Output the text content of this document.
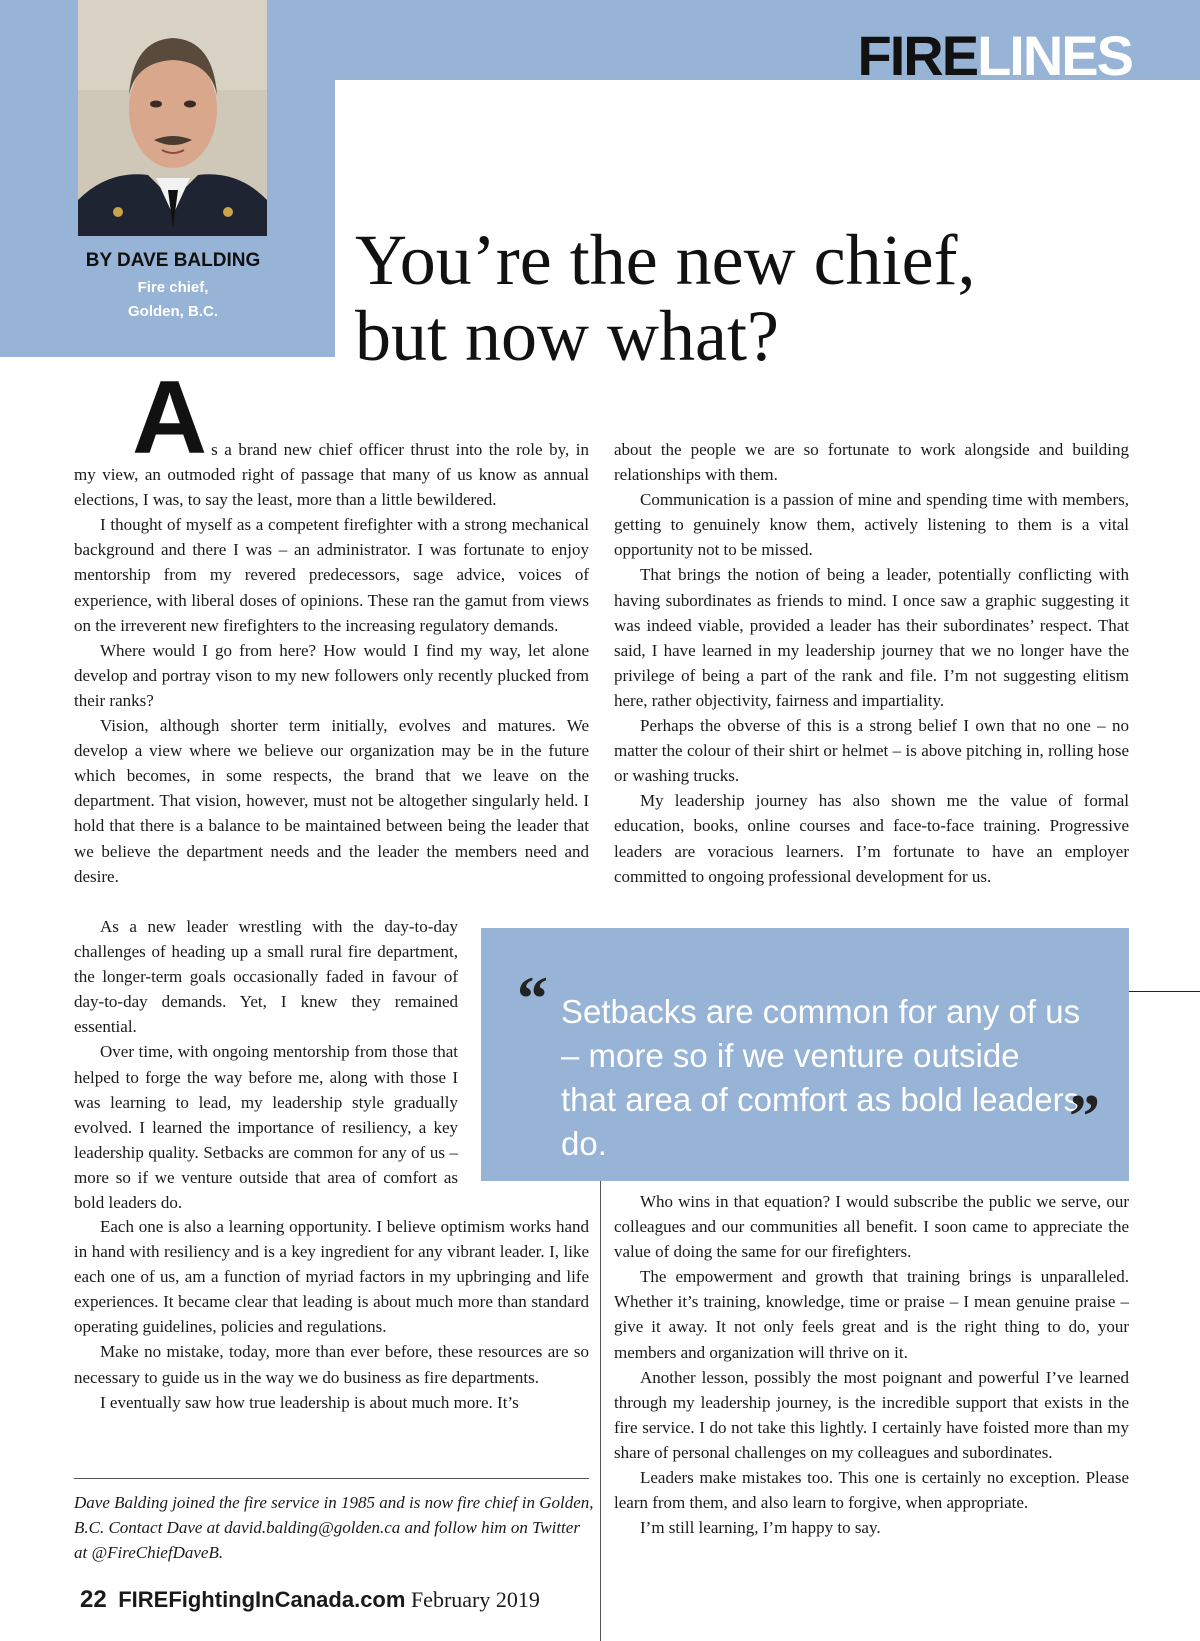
FIRELINES
BY DAVE BALDING
Fire chief,
Golden, B.C.
You’re the new chief,
but now what?
A s a brand new chief officer thrust into the role by, in my view, an outmoded right of passage that many of us know as annual elections, I was, to say the least, more than a little bewildered.

I thought of myself as a competent firefighter with a strong mechanical background and there I was – an administrator. I was fortunate to enjoy mentorship from my revered predecessors, sage advice, voices of experience, with liberal doses of opinions. These ran the gamut from views on the irreverent new firefighters to the increasing regulatory demands.

Where would I go from here? How would I find my way, let alone develop and portray vison to my new followers only recently plucked from their ranks?

Vision, although shorter term initially, evolves and matures. We develop a view where we believe our organization may be in the future which becomes, in some respects, the brand that we leave on the department. That vision, however, must not be altogether singularly held. I hold that there is a balance to be maintained between being the leader that we believe the department needs and the leader the members need and desire.

As a new leader wrestling with the day-to-day challenges of heading up a small rural fire department, the longer-term goals occasionally faded in favour of day-to-day demands. Yet, I knew they remained essential.

Over time, with ongoing mentorship from those that helped to forge the way before me, along with those I was learning to lead, my leadership style gradually evolved. I learned the importance of resiliency, a key leadership quality. Setbacks are common for any of us – more so if we venture outside that area of comfort as bold leaders do.

Each one is also a learning opportunity. I believe optimism works hand in hand with resiliency and is a key ingredient for any vibrant leader. I, like each one of us, am a function of myriad factors in my upbringing and life experiences. It became clear that leading is about much more than standard operating guidelines, policies and regulations.

Make no mistake, today, more than ever before, these resources are so necessary to guide us in the way we do business as fire departments.

I eventually saw how true leadership is about much more. It’s

about the people we are so fortunate to work alongside and building relationships with them.

Communication is a passion of mine and spending time with members, getting to genuinely know them, actively listening to them is a vital opportunity not to be missed.

That brings the notion of being a leader, potentially conflicting with having subordinates as friends to mind. I once saw a graphic suggesting it was indeed viable, provided a leader has their subordinates’ respect. That said, I have learned in my leadership journey that we no longer have the privilege of being a part of the rank and file. I’m not suggesting elitism here, rather objectivity, fairness and impartiality.

Perhaps the obverse of this is a strong belief I own that no one – no matter the colour of their shirt or helmet – is above pitching in, rolling hose or washing trucks.

My leadership journey has also shown me the value of formal education, books, online courses and face-to-face training. Progressive leaders are voracious learners. I’m fortunate to have an employer committed to ongoing professional development for us.

“ Setbacks are common for any of us – more so if we venture outside that area of comfort as bold leaders do.	”

Who wins in that equation? I would subscribe the public we serve, our colleagues and our communities all benefit. I soon came to appreciate the value of doing the same for our firefighters.

The empowerment and growth that training brings is unparalleled. Whether it’s training, knowledge, time or praise – I mean genuine praise – give it away. It not only feels great and is the right thing to do, your members and organization will thrive on it.

Another lesson, possibly the most poignant and powerful I’ve learned through my leadership journey, is the incredible support that exists in the fire service. I do not take this lightly. I certainly have foisted more than my share of personal challenges on my colleagues and subordinates.

Leaders make mistakes too. This one is certainly no exception. Please learn from them, and also learn to forgive, when appropriate.

I’m still learning, I’m happy to say.

Dave Balding joined the fire service in 1985 and is now fire chief in Golden, B.C. Contact Dave at david.balding@golden.ca and follow him on Twitter at @FireChiefDaveB.

22 FIREFightingInCanada.com February 2019
